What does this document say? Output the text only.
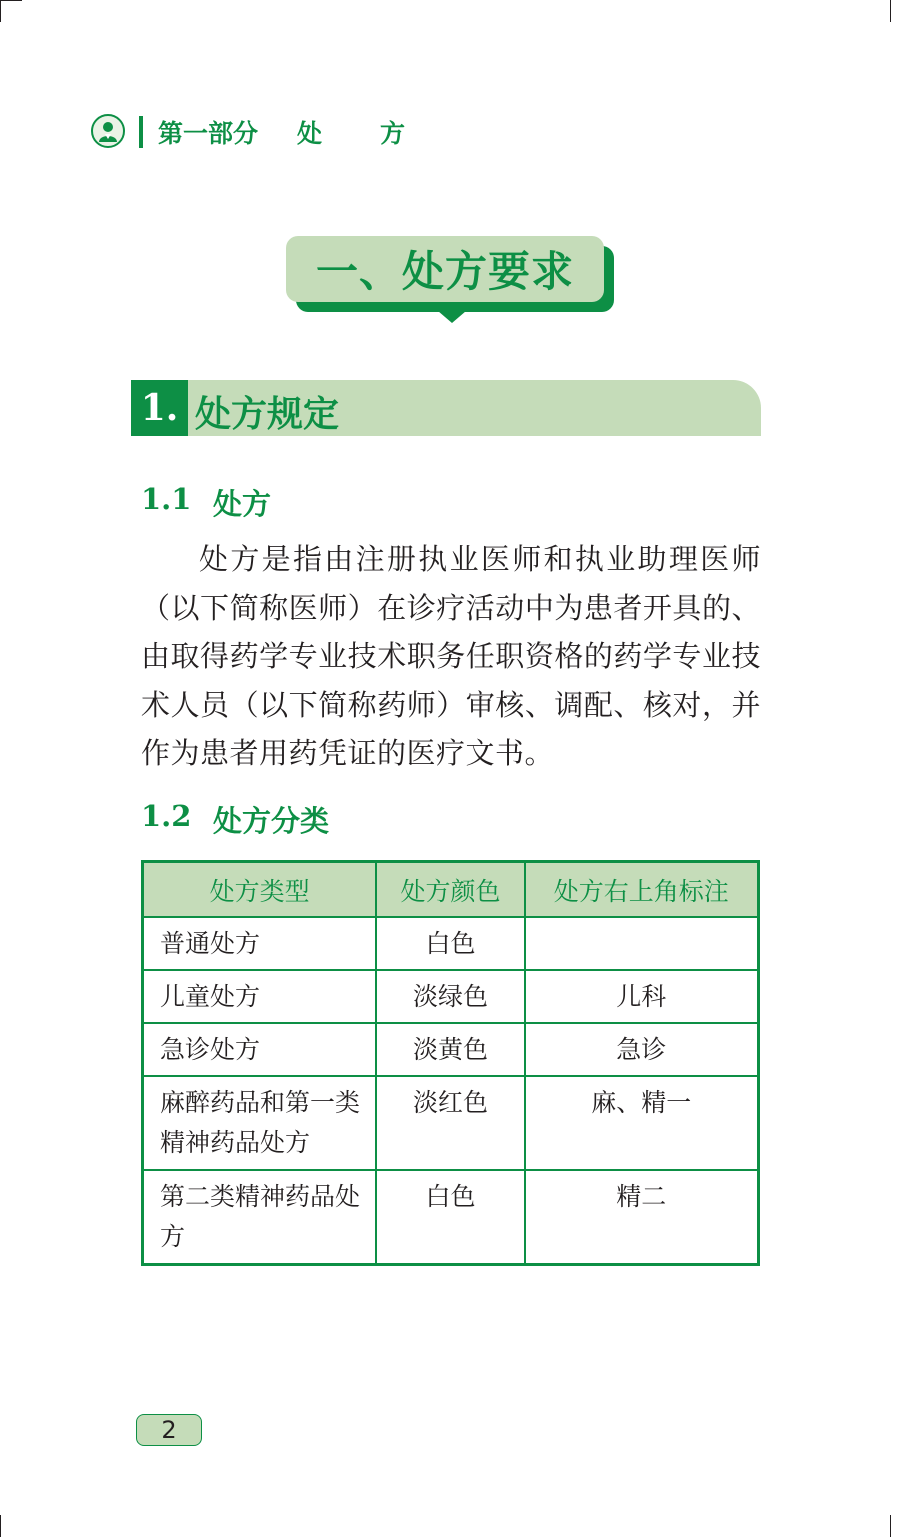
第一部分 处方
一、处方要求
1. 处方规定
1.1 处方
处方是指由注册执业医师和执业助理医师（以下简称医师）在诊疗活动中为患者开具的、由取得药学专业技术职务任职资格的药学专业技术人员（以下简称药师）审核、调配、核对，并作为患者用药凭证的医疗文书。
1.2 处方分类
处方类型	处方颜色	处方右上角标注
普通处方	白色	
儿童处方	淡绿色	儿科
急诊处方	淡黄色	急诊
麻醉药品和第一类精神药品处方	淡红色	麻、精一
第二类精神药品处方	白色	精二
2
